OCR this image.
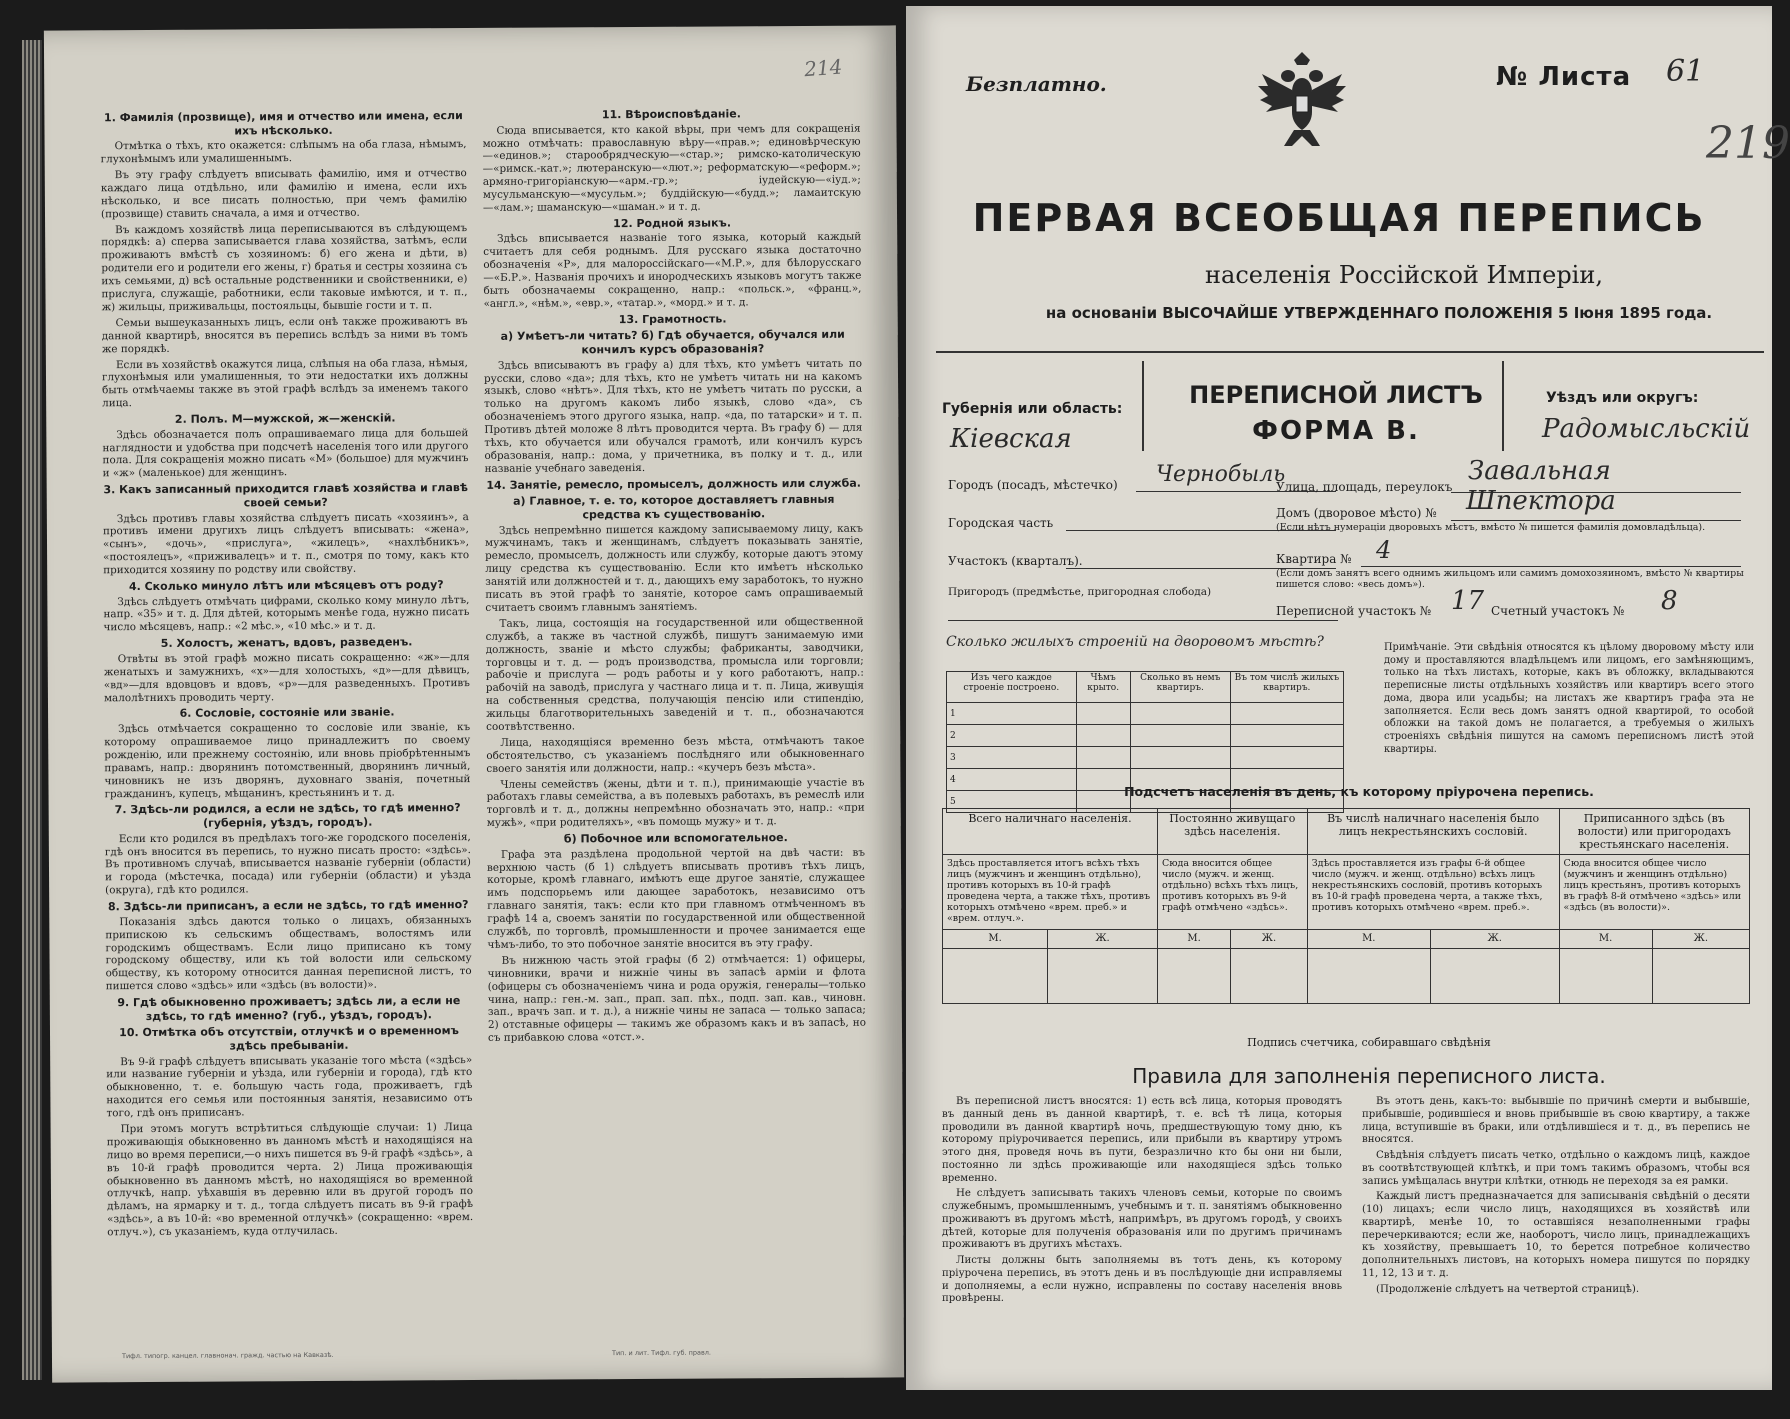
214
1. Фамилія (прозвище), имя и отчество или имена, если ихъ нѣсколько.

Отмѣтка о тѣхъ, кто окажется: слѣпымъ на оба глаза, нѣмымъ, глухонѣмымъ или умалишеннымъ.

Въ эту графу слѣдуетъ вписывать фамилію, имя и отчество каждаго лица отдѣльно, или фамилію и имена, если ихъ нѣсколько, и все писать полностью, при чемъ фамилію (прозвище) ставить сначала, а имя и отчество.

Въ каждомъ хозяйствѣ лица переписываются въ слѣдующемъ порядкѣ: а) сперва записывается глава хозяйства, затѣмъ, если проживаютъ вмѣстѣ съ хозяиномъ: б) его жена и дѣти, в) родители его и родители его жены, г) братья и сестры хозяина съ ихъ семьями, д) всѣ остальные родственники и свойственники, е) прислуга, служащіе, работники, если таковые имѣются, и т. п., ж) жильцы, приживальцы, постояльцы, бывшіе гости и т. п.

Семьи вышеуказанныхъ лицъ, если онѣ также проживаютъ въ данной квартирѣ, вносятся въ перепись вслѣдъ за ними въ томъ же порядкѣ.

Если въ хозяйствѣ окажутся лица, слѣпыя на оба глаза, нѣмыя, глухонѣмыя или умалишенныя, то эти недостатки ихъ должны быть отмѣчаемы также въ этой графѣ вслѣдъ за именемъ такого лица.

2. Полъ. М—мужской, ж—женскій.

Здѣсь обозначается полъ опрашиваемаго лица для большей наглядности и удобства при подсчетѣ населенія того или другого пола. Для сокращенія можно писать «М» (большое) для мужчинъ и «ж» (маленькое) для женщинъ.

3. Какъ записанный приходится главѣ хозяйства и главѣ своей семьи?

Здѣсь противъ главы хозяйства слѣдуетъ писать «хозяинъ», а противъ имени другихъ лицъ слѣдуетъ вписывать: «жена», «сынъ», «дочь», «прислуга», «жилецъ», «нахлѣбникъ», «постоялецъ», «приживалецъ» и т. п., смотря по тому, какъ кто приходится хозяину по родству или свойству.

4. Сколько минуло лѣтъ или мѣсяцевъ отъ роду?

Здѣсь слѣдуетъ отмѣчать цифрами, сколько кому минуло лѣтъ, напр. «35» и т. д. Для дѣтей, которымъ менѣе года, нужно писать число мѣсяцевъ, напр.: «2 мѣс.», «10 мѣс.» и т. д.

5. Холостъ, женатъ, вдовъ, разведенъ.

Отвѣты въ этой графѣ можно писать сокращенно: «ж»—для женатыхъ и замужнихъ, «х»—для холостыхъ, «д»—для дѣвицъ, «вд»—для вдовцовъ и вдовъ, «р»—для разведенныхъ. Противъ малолѣтнихъ проводить черту.

6. Сословіе, состояніе или званіе.

Здѣсь отмѣчается сокращенно то сословіе или званіе, къ которому опрашиваемое лицо принадлежитъ по своему рожденію, или прежнему состоянію, или вновь пріобрѣтеннымъ правамъ, напр.: дворянинъ потомственный, дворянинъ личный, чиновникъ не изъ дворянъ, духовнаго званія, почетный гражданинъ, купецъ, мѣщанинъ, крестьянинъ и т. д.

7. Здѣсь-ли родился, а если не здѣсь, то гдѣ именно? (губернія, уѣздъ, городъ).

Если кто родился въ предѣлахъ того-же городского поселенія, гдѣ онъ вносится въ перепись, то нужно писать просто: «здѣсь». Въ противномъ случаѣ, вписывается названіе губерніи (области) и города (мѣстечка, посада) или губерніи (области) и уѣзда (округа), гдѣ кто родился.

8. Здѣсь-ли приписанъ, а если не здѣсь, то гдѣ именно?

Показанія здѣсь даются только о лицахъ, обязанныхъ припискою къ сельскимъ обществамъ, волостямъ или городскимъ обществамъ. Если лицо приписано къ тому городскому обществу, или къ той волости или сельскому обществу, къ которому относится данная переписной листъ, то пишется слово «здѣсь» или «здѣсь (въ волости)».

9. Гдѣ обыкновенно проживаетъ; здѣсь ли, а если не здѣсь, то гдѣ именно? (губ., уѣздъ, городъ).
10. Отмѣтка объ отсутствіи, отлучкѣ и о временномъ здѣсь пребываніи.

Въ 9-й графѣ слѣдуетъ вписывать указаніе того мѣста («здѣсь» или название губерніи и уѣзда, или губерніи и города), гдѣ кто обыкновенно, т. е. большую часть года, проживаетъ, гдѣ находится его семья или постоянныя занятія, независимо отъ того, гдѣ онъ приписанъ.

При этомъ могутъ встрѣтиться слѣдующіе случаи: 1) Лица проживающія обыкновенно въ данномъ мѣстѣ и находящіяся на лицо во время переписи,—о нихъ пишется въ 9-й графѣ «здѣсь», а въ 10-й графѣ проводится черта. 2) Лица проживающія обыкновенно въ данномъ мѣстѣ, но находящіяся во временной отлучкѣ, напр. уѣхавшія въ деревню или въ другой городъ по дѣламъ, на ярмарку и т. д., тогда слѣдуетъ писать въ 9-й графѣ «здѣсь», а въ 10-й: «во временной отлучкѣ» (сокращенно: «врем. отлуч.»), съ указаніемъ, куда отлучилась.

11. Вѣроисповѣданіе.

Сюда вписывается, кто какой вѣры, при чемъ для сокращенія можно отмѣчать: православную вѣру—«прав.»; единовѣрческую—«единов.»; старообрядческую—«стар.»; римско-католическую—«римск.-кат.»; лютеранскую—«лют.»; реформатскую—«реформ.»; армяно-григоріанскую—«арм.-гр.»; іудейскую—«іуд.»; мусульманскую—«мусульм.»; буддійскую—«будд.»; ламаитскую—«лам.»; шаманскую—«шаман.» и т. д.

12. Родной языкъ.

Здѣсь вписывается названіе того языка, который каждый считаетъ для себя роднымъ. Для русскаго языка достаточно обозначенія «Р», для малороссійскаго—«М.Р.», для бѣлорусскаго—«Б.Р.». Названія прочихъ и инородческихъ языковъ могутъ также быть обозначаемы сокращенно, напр.: «польск.», «франц.», «англ.», «нѣм.», «евр.», «татар.», «морд.» и т. д.

13. Грамотность.
а) Умѣетъ-ли читать? б) Гдѣ обучается, обучался или кончилъ курсъ образованія?

Здѣсь вписываютъ въ графу а) для тѣхъ, кто умѣетъ читать по русски, слово «да»; для тѣхъ, кто не умѣетъ читать ни на какомъ языкѣ, слово «нѣтъ». Для тѣхъ, кто не умѣетъ читать по русски, а только на другомъ какомъ либо языкѣ, слово «да», съ обозначеніемъ этого другого языка, напр. «да, по татарски» и т. п. Противъ дѣтей моложе 8 лѣтъ проводится черта. Въ графу б) — для тѣхъ, кто обучается или обучался грамотѣ, или кончилъ курсъ образованія, напр.: дома, у причетника, въ полку и т. д., или названіе учебнаго заведенія.

14. Занятіе, ремесло, промыселъ, должность или служба.
а) Главное, т. е. то, которое доставляетъ главныя средства къ существованію.

Здѣсь непремѣнно пишется каждому записываемому лицу, какъ мужчинамъ, такъ и женщинамъ, слѣдуетъ показывать занятіе, ремесло, промыселъ, должность или службу, которые даютъ этому лицу средства къ существованію. Если кто имѣетъ нѣсколько занятій или должностей и т. д., дающихъ ему заработокъ, то нужно писать въ этой графѣ то занятіе, которое самъ опрашиваемый считаетъ своимъ главнымъ занятіемъ.

Такъ, лица, состоящія на государственной или общественной службѣ, а также въ частной службѣ, пишутъ занимаемую ими должность, званіе и мѣсто службы; фабриканты, заводчики, торговцы и т. д. — родъ производства, промысла или торговли; рабочіе и прислуга — родъ работы и у кого работаютъ, напр.: рабочій на заводѣ, прислуга у частнаго лица и т. п. Лица, живущія на собственныя средства, получающія пенсію или стипендію, жильцы благотворительныхъ заведеній и т. п., обозначаются соотвѣтственно.

Лица, находящіяся временно безъ мѣста, отмѣчаютъ такое обстоятельство, съ указаніемъ послѣдняго или обыкновеннаго своего занятія или должности, напр.: «кучеръ безъ мѣста».

Члены семействъ (жены, дѣти и т. п.), принимающіе участіе въ работахъ главы семейства, а въ полевыхъ работахъ, въ ремеслѣ или торговлѣ и т. д., должны непремѣнно обозначать это, напр.: «при мужѣ», «при родителяхъ», «въ помощь мужу» и т. д.

б) Побочное или вспомогательное.

Графа эта раздѣлена продольной чертой на двѣ части: въ верхнюю часть (б 1) слѣдуетъ вписывать противъ тѣхъ лицъ, которые, кромѣ главнаго, имѣютъ еще другое занятіе, служащее имъ подспорьемъ или дающее заработокъ, независимо отъ главнаго занятія, такъ: если кто при главномъ отмѣченномъ въ графѣ 14 а, своемъ занятіи по государственной или общественной службѣ, по торговлѣ, промышленности и прочее занимается еще чѣмъ-либо, то это побочное занятіе вносится въ эту графу.

Въ нижнюю часть этой графы (б 2) отмѣчается: 1) офицеры, чиновники, врачи и нижніе чины въ запасѣ арміи и флота (офицеры съ обозначеніемъ чина и рода оружія, генералы—только чина, напр.: ген.-м. зап., прап. зап. пѣх., подп. зап. кав., чиновн. зап., врачъ зап. и т. д.), а нижніе чины не запаса — только запаса; 2) отставные офицеры — такимъ же образомъ какъ и въ запасѣ, но съ прибавкою слова «отст.».

Тифл. типогр. канцел. главнонач. гражд. частью на Кавказѣ.	Тип. и лит. Тифл. губ. правл.
Безплатно.	№ Листа 61
219
ПЕРВАЯ ВСЕОБЩАЯ ПЕРЕПИСЬ
населенія Россійской Имперіи,
на основаніи ВЫСОЧАЙШЕ УТВЕРЖДЕННАГО ПОЛОЖЕНІЯ 5 Іюня 1895 года.
Губернія или область:
Кіевская
ПЕРЕПИСНОЙ ЛИСТЪ
ФОРМА В.
Уѣздъ или округъ:
Радомысльскій
Городъ (посадъ, мѣстечко) Чернобыль
Улица, площадь, переулокъ
Завальная
Городская часть
Домъ (дворовое мѣсто) № Шпектора
(Если нѣтъ нумераціи дворовыхъ мѣстъ, вмѣсто № пишется фамилія домовладѣльца).
Участокъ (кварталъ).	Квартира № 4
(Если домъ занятъ всего однимъ жильцомъ или самимъ домохозяиномъ, вмѣсто № квартиры пишется слово: «весь домъ»).
Пригородъ (предмѣстье, пригородная слобода)
Переписной участокъ № 17 Счетный участокъ № 8
Сколько жилыхъ строеній на дворовомъ мѣстѣ?
Изъ чего каждое строеніе построено.	Чѣмъ крыто.	Сколько въ немъ квартиръ.	Въ том числѣ жилыхъ квартиръ.
1			
2			
3			
4			
5			
Примѣчаніе. Эти свѣдѣнія относятся къ цѣлому дворовому мѣсту или дому и проставляются владѣльцемъ или лицомъ, его замѣняющимъ, только на тѣхъ листахъ, которые, какъ въ обложку, вкладываются переписные листы отдѣльныхъ хозяйствъ или квартиръ всего этого дома, двора или усадьбы; на листахъ же квартиръ графа эта не заполняется. Если весь домъ занятъ одной квартирой, то особой обложки на такой домъ не полагается, а требуемыя о жилыхъ строеніяхъ свѣдѣнія пишутся на самомъ переписномъ листѣ этой квартиры.
Подсчетъ населенія въ день, къ которому пріурочена перепись.
Всего наличнаго населенія.		Постоянно живущаго здѣсь населенія.		Въ числѣ наличнаго населенія было лицъ некрестьянскихъ сословій.		Приписанного здѣсь (въ волости) или пригородахъ крестьянскаго населенія.	
Здѣсь проставляется итогъ всѣхъ тѣхъ лицъ (мужчинъ и женщинъ отдѣльно), противъ которыхъ въ 10-й графѣ проведена черта, а также тѣхъ, противъ которыхъ отмѣчено «врем. преб.» и «врем. отлуч.».		Сюда вносится общее число (мужч. и женщ. отдѣльно) всѣхъ тѣхъ лицъ, противъ которыхъ въ 9-й графѣ отмѣчено «здѣсь».		Здѣсь проставляется изъ графы 6-й общее число (мужч. и женщ. отдѣльно) всѣхъ лицъ некрестьянскихъ сословій, противъ которыхъ въ 10-й графѣ проведена черта, а также тѣхъ, противъ которыхъ отмѣчено «врем. преб.».		Сюда вносится общее число (мужчинъ и женщинъ отдѣльно) лицъ крестьянъ, противъ которыхъ въ графѣ 8-й отмѣчено «здѣсь» или «здѣсь (въ волости)».	
М.	Ж.	М.	Ж.	М.	Ж.	М.	Ж.

Подпись счетчика, собиравшаго свѣдѣнія
Правила для заполненія переписного листа.

Въ переписной листъ вносятся: 1) есть всѣ лица, которыя проводятъ въ данный день въ данной квартирѣ, т. е. всѣ тѣ лица, которыя проводили въ данной квартирѣ ночь, предшествующую тому дню, къ которому пріурочивается перепись, или прибыли въ квартиру утромъ этого дня, проведя ночь въ пути, безразлично кто бы они ни были, постоянно ли здѣсь проживающіе или находящіеся здѣсь только временно.

Не слѣдуетъ записывать такихъ членовъ семьи, которые по своимъ служебнымъ, промышленнымъ, учебнымъ и т. п. занятіямъ обыкновенно проживаютъ въ другомъ мѣстѣ, напримѣръ, въ другомъ городѣ, у своихъ дѣтей, которые для полученія образованія или по другимъ причинамъ проживаютъ въ другихъ мѣстахъ.

Листы должны быть заполняемы въ тотъ день, къ которому пріурочена перепись, въ этотъ день и въ послѣдующіе дни исправляемы и дополняемы, а если нужно, исправлены по составу населенія вновь провѣрены.

Въ этотъ день, какъ-то: выбывшіе по причинѣ смерти и выбывшіе, прибывшіе, родившіеся и вновь прибывшіе въ свою квартиру, а также лица, вступившіе въ браки, или отдѣлившіеся и т. д., въ перепись не вносятся.

Свѣдѣнія слѣдуетъ писать четко, отдѣльно о каждомъ лицѣ, каждое въ соотвѣтствующей клѣткѣ, и при томъ такимъ образомъ, чтобы вся запись умѣщалась внутри клѣтки, отнюдь не переходя за ея рамки.

Каждый листъ предназначается для записыванія свѣдѣній о десяти (10) лицахъ; если число лицъ, находящихся въ хозяйствѣ или квартирѣ, менѣе 10, то оставшіяся незаполненными графы перечеркиваются; если же, наоборотъ, число лицъ, принадлежащихъ къ хозяйству, превышаетъ 10, то берется потребное количество дополнительныхъ листовъ, на которыхъ номера пишутся по порядку 11, 12, 13 и т. д.

(Продолженіе слѣдуетъ на четвертой страницѣ).
